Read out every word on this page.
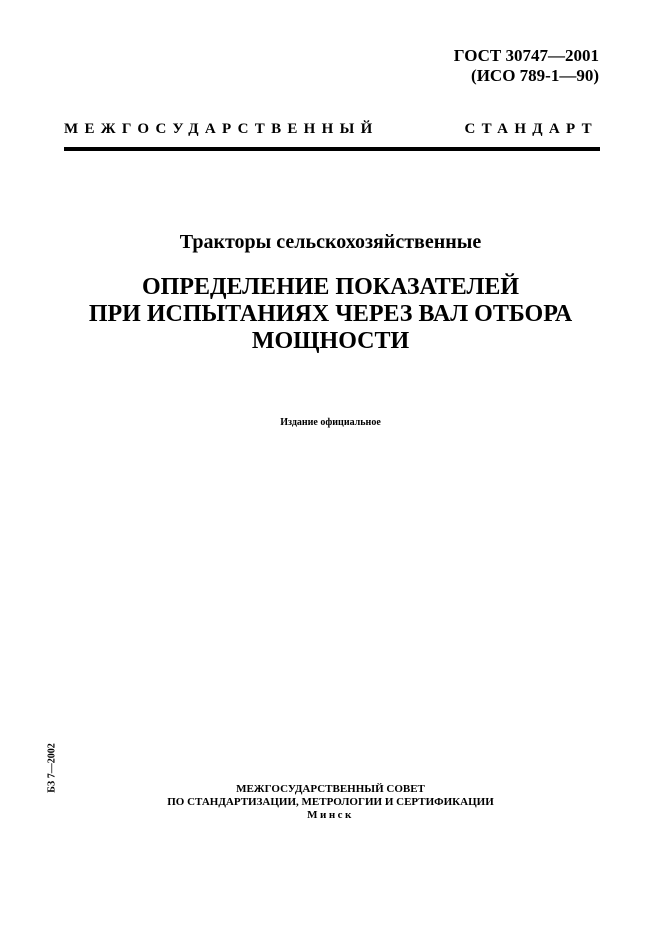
ГОСТ 30747—2001
(ИСО 789-1—90)
МЕЖГОСУДАРСТВЕННЫЙ СТАНДАРТ
Тракторы сельскохозяйственные
ОПРЕДЕЛЕНИЕ ПОКАЗАТЕЛЕЙ
ПРИ ИСПЫТАНИЯХ ЧЕРЕЗ ВАЛ ОТБОРА
МОЩНОСТИ
Издание официальное
БЗ 7—2002	МЕЖГОСУДАРСТВЕННЫЙ СОВЕТ
ПО СТАНДАРТИЗАЦИИ, МЕТРОЛОГИИ И СЕРТИФИКАЦИИ
Минск
